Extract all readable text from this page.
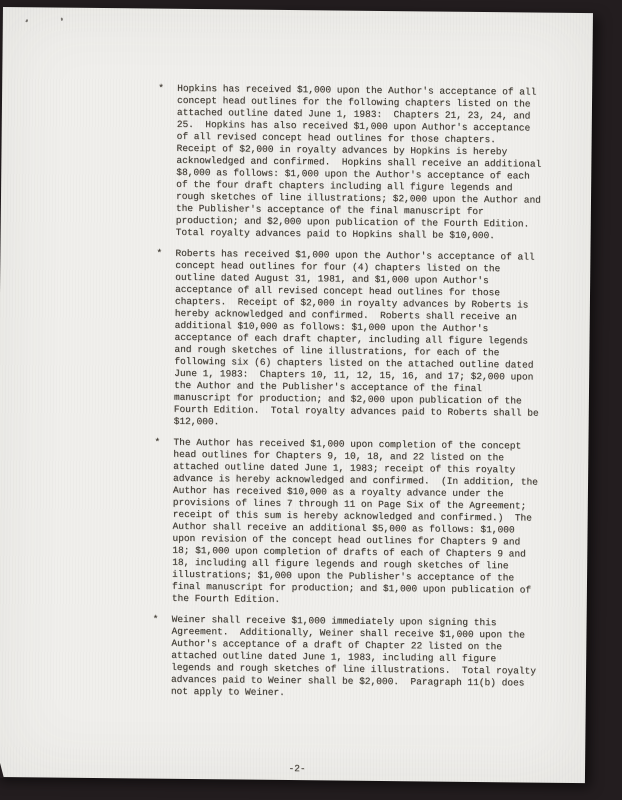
*	Hopkins has received $1,000 upon the Author's acceptance of all
concept head outlines for the following chapters listed on the
attached outline dated June 1, 1983:  Chapters 21, 23, 24, and
25.  Hopkins has also received $1,000 upon Author's acceptance
of all revised concept head outlines for those chapters.
Receipt of $2,000 in royalty advances by Hopkins is hereby
acknowledged and confirmed.  Hopkins shall receive an additional
$8,000 as follows: $1,000 upon the Author's acceptance of each
of the four draft chapters including all figure legends and
rough sketches of line illustrations; $2,000 upon the Author and
the Publisher's acceptance of the final manuscript for
production; and $2,000 upon publication of the Fourth Edition.
Total royalty advances paid to Hopkins shall be $10,000.
*	Roberts has received $1,000 upon the Author's acceptance of all
concept head outlines for four (4) chapters listed on the
outline dated August 31, 1981, and $1,000 upon Author's
acceptance of all revised concept head outlines for those
chapters.  Receipt of $2,000 in royalty advances by Roberts is
hereby acknowledged and confirmed.  Roberts shall receive an
additional $10,000 as follows: $1,000 upon the Author's
acceptance of each draft chapter, including all figure legends
and rough sketches of line illustrations, for each of the
following six (6) chapters listed on the attached outline dated
June 1, 1983:  Chapters 10, 11, 12, 15, 16, and 17; $2,000 upon
the Author and the Publisher's acceptance of the final
manuscript for production; and $2,000 upon publication of the
Fourth Edition.  Total royalty advances paid to Roberts shall be
$12,000.
*	The Author has received $1,000 upon completion of the concept
head outlines for Chapters 9, 10, 18, and 22 listed on the
attached outline dated June 1, 1983; receipt of this royalty
advance is hereby acknowledged and confirmed.  (In addition, the
Author has received $10,000 as a royalty advance under the
provisions of lines 7 through 11 on Page Six of the Agreement;
receipt of this sum is hereby acknowledged and confirmed.)  The
Author shall receive an additional $5,000 as follows: $1,000
upon revision of the concept head outlines for Chapters 9 and
18; $1,000 upon completion of drafts of each of Chapters 9 and
18, including all figure legends and rough sketches of line
illustrations; $1,000 upon the Publisher's acceptance of the
final manuscript for production; and $1,000 upon publication of
the Fourth Edition.
*	Weiner shall receive $1,000 immediately upon signing this
Agreement.  Additionally, Weiner shall receive $1,000 upon the
Author's acceptance of a draft of Chapter 22 listed on the
attached outline dated June 1, 1983, including all figure
legends and rough sketches of line illustrations.  Total royalty
advances paid to Weiner shall be $2,000.  Paragraph 11(b) does
not apply to Weiner.
-2-
